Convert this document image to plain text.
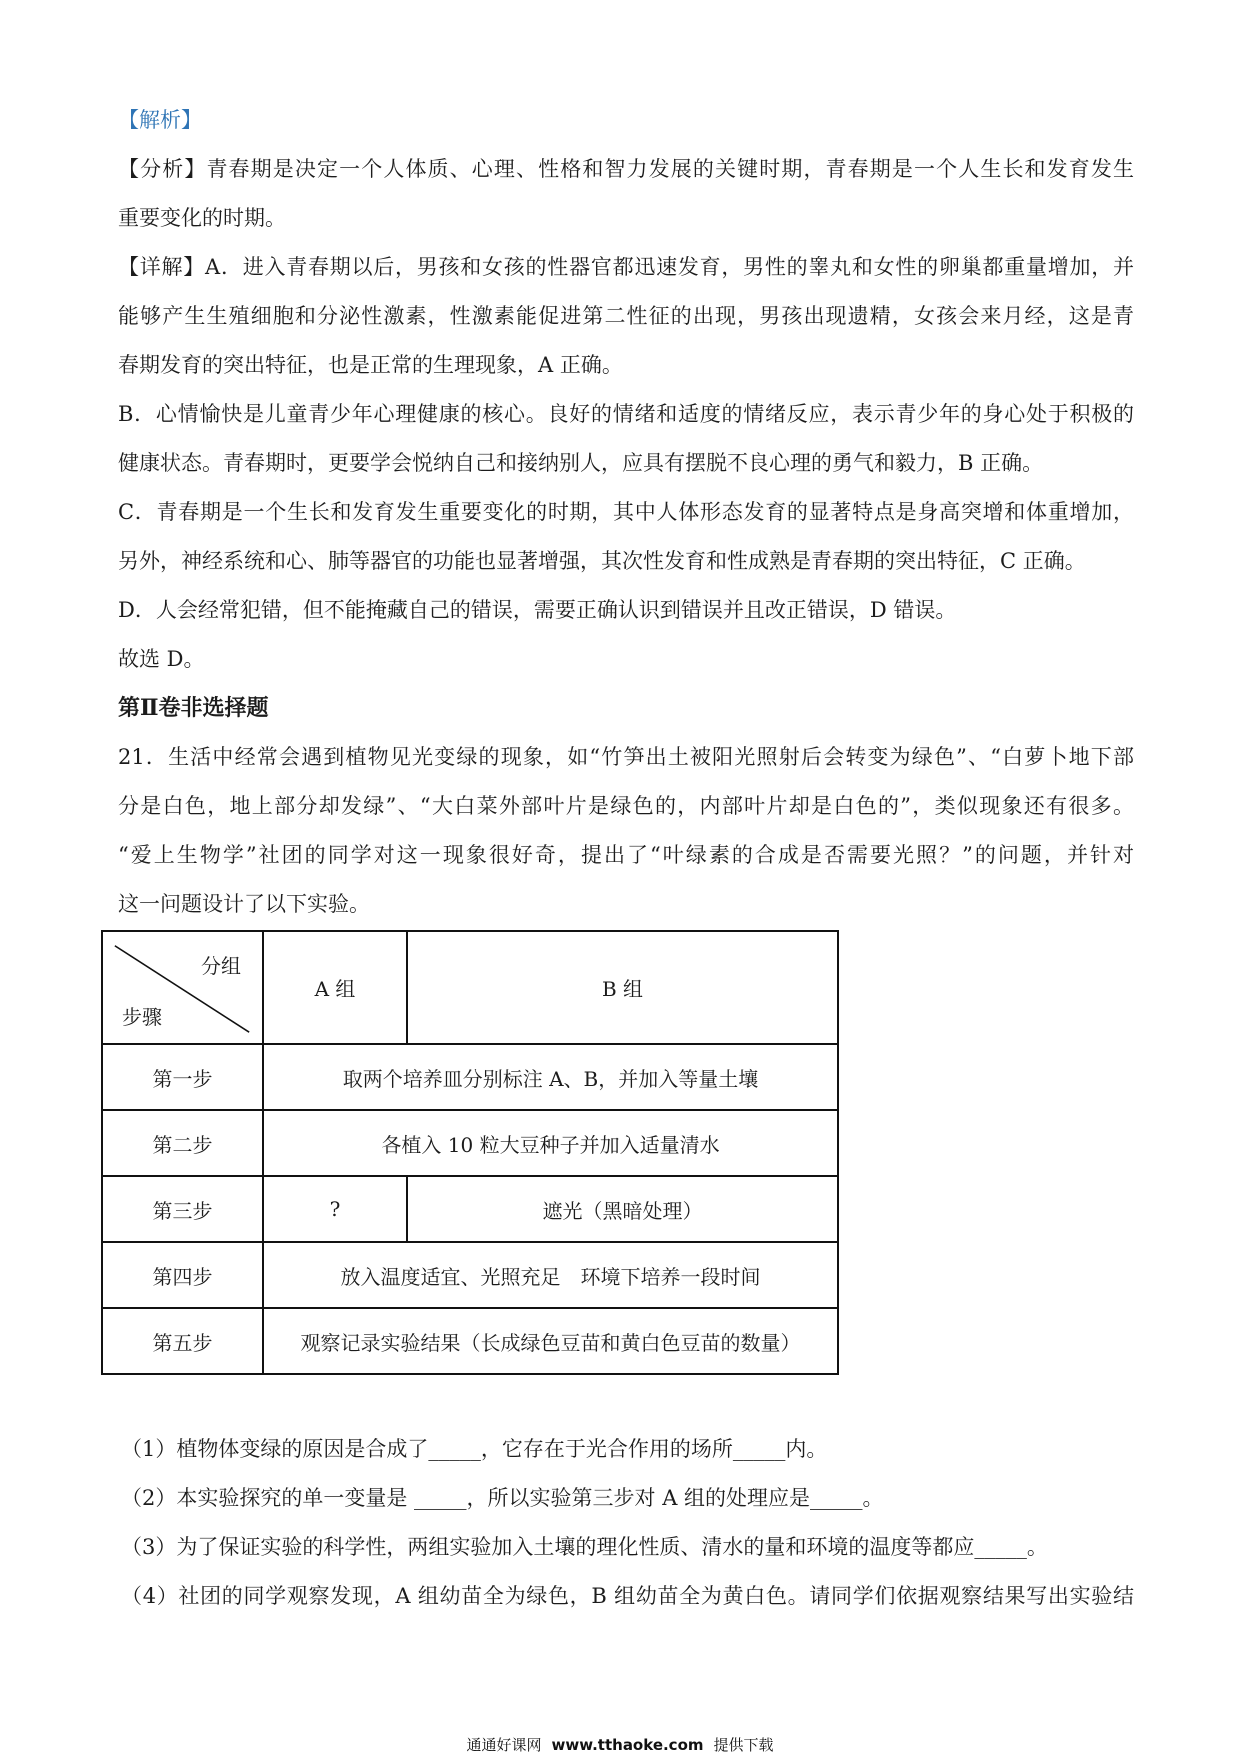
【解析】
【分析】青春期是决定一个人体质、心理、性格和智力发展的关键时期，青春期是一个人生长和发育发生
重要变化的时期。
【详解】A．进入青春期以后，男孩和女孩的性器官都迅速发育，男性的睾丸和女性的卵巢都重量增加，并
能够产生生殖细胞和分泌性激素，性激素能促进第二性征的出现，男孩出现遗精，女孩会来月经，这是青
春期发育的突出特征，也是正常的生理现象，A 正确。
B．心情愉快是儿童青少年心理健康的核心。良好的情绪和适度的情绪反应，表示青少年的身心处于积极的
健康状态。青春期时，更要学会悦纳自己和接纳别人，应具有摆脱不良心理的勇气和毅力，B 正确。
C．青春期是一个生长和发育发生重要变化的时期，其中人体形态发育的显著特点是身高突增和体重增加，
另外，神经系统和心、肺等器官的功能也显著增强，其次性发育和性成熟是青春期的突出特征，C 正确。
D．人会经常犯错，但不能掩藏自己的错误，需要正确认识到错误并且改正错误，D 错误。
故选 D。
第Ⅱ卷非选择题
21．生活中经常会遇到植物见光变绿的现象，如“竹笋出土被阳光照射后会转变为绿色”、“白萝卜地下部
分是白色，地上部分却发绿”、“大白菜外部叶片是绿色的，内部叶片却是白色的”，类似现象还有很多。
“爱上生物学”社团的同学对这一现象很好奇，提出了“叶绿素的合成是否需要光照？”的问题，并针对
这一问题设计了以下实验。
分组
步骤	A 组	B 组
第一步	取两个培养皿分别标注 A、B，并加入等量土壤	
第二步	各植入 10 粒大豆种子并加入适量清水	
第三步	?	遮光（黑暗处理）
第四步	放入温度适宜、光照充足　环境下培养一段时间	
第五步	观察记录实验结果（长成绿色豆苗和黄白色豆苗的数量）	
（1）植物体变绿的原因是合成了_____，它存在于光合作用的场所_____内。
（2）本实验探究的单一变量是 _____，所以实验第三步对 A 组的处理应是_____。
（3）为了保证实验的科学性，两组实验加入土壤的理化性质、清水的量和环境的温度等都应_____。
（4）社团的同学观察发现，A 组幼苗全为绿色，B 组幼苗全为黄白色。请同学们依据观察结果写出实验结
通通好课网 www.tthaoke.com 提供下载
